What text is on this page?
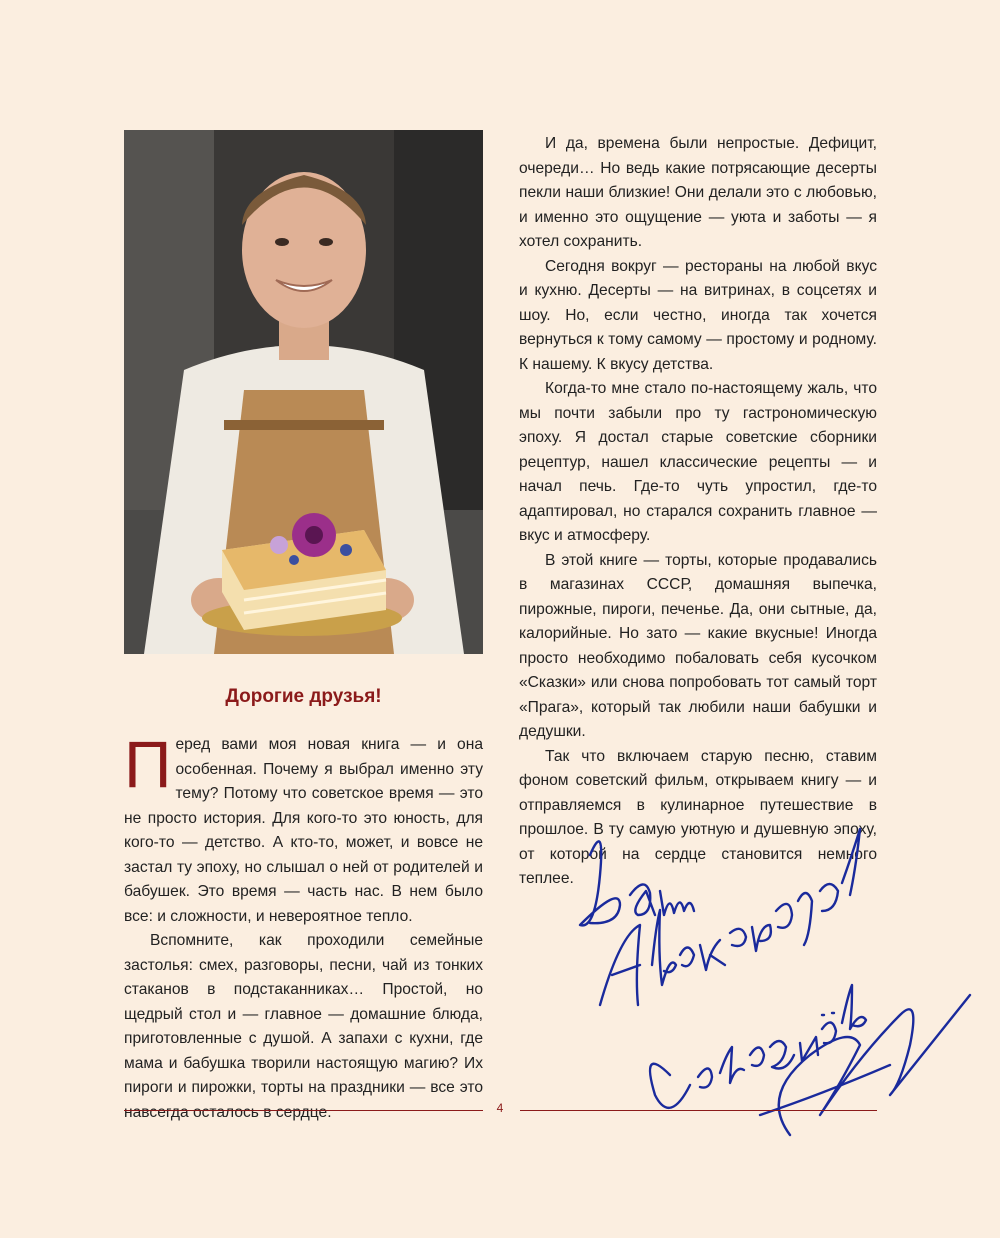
Дорогие друзья!

Перед вами моя новая книга — и она особенная. Почему я выбрал именно эту тему? Потому что советское время — это не просто история. Для кого-то это юность, для кого-то — детство. А кто-то, может, и вовсе не застал ту эпоху, но слышал о ней от родителей и бабушек. Это время — часть нас. В нем было все: и сложности, и невероятное тепло.

Вспомните, как проходили семейные застолья: смех, разговоры, песни, чай из тонких стаканов в подстаканниках… Простой, но щедрый стол и — главное — домашние блюда, приготовленные с душой. А запахи с кухни, где мама и бабушка творили настоящую магию? Их пироги и пирожки, торты на праздники — все это навсегда осталось в сердце.

И да, времена были непростые. Дефицит, очереди… Но ведь какие потрясающие десерты пекли наши близкие! Они делали это с любовью, и именно это ощущение — уюта и заботы — я хотел сохранить.

Сегодня вокруг — рестораны на любой вкус и кухню. Десерты — на витринах, в соцсетях и шоу. Но, если честно, иногда так хочется вернуться к тому самому — простому и родному. К нашему. К вкусу детства.

Когда-то мне стало по-настоящему жаль, что мы почти забыли про ту гастрономическую эпоху. Я достал старые советские сборники рецептур, нашел классические рецепты — и начал печь. Где-то чуть упростил, где-то адаптировал, но старался сохранить главное — вкус и атмосферу.

В этой книге — торты, которые продавались в магазинах СССР, домашняя выпечка, пирожные, пироги, печенье. Да, они сытные, да, калорийные. Но зато — какие вкусные! Иногда просто необходимо побаловать себя кусочком «Сказки» или снова попробовать тот самый торт «Прага», который так любили наши бабушки и дедушки.

Так что включаем старую песню, ставим фоном советский фильм, открываем книгу — и отправляемся в кулинарное путешествие в прошлое. В ту самую уютную и душевную эпоху, от которой на сердце становится немного теплее.

4
